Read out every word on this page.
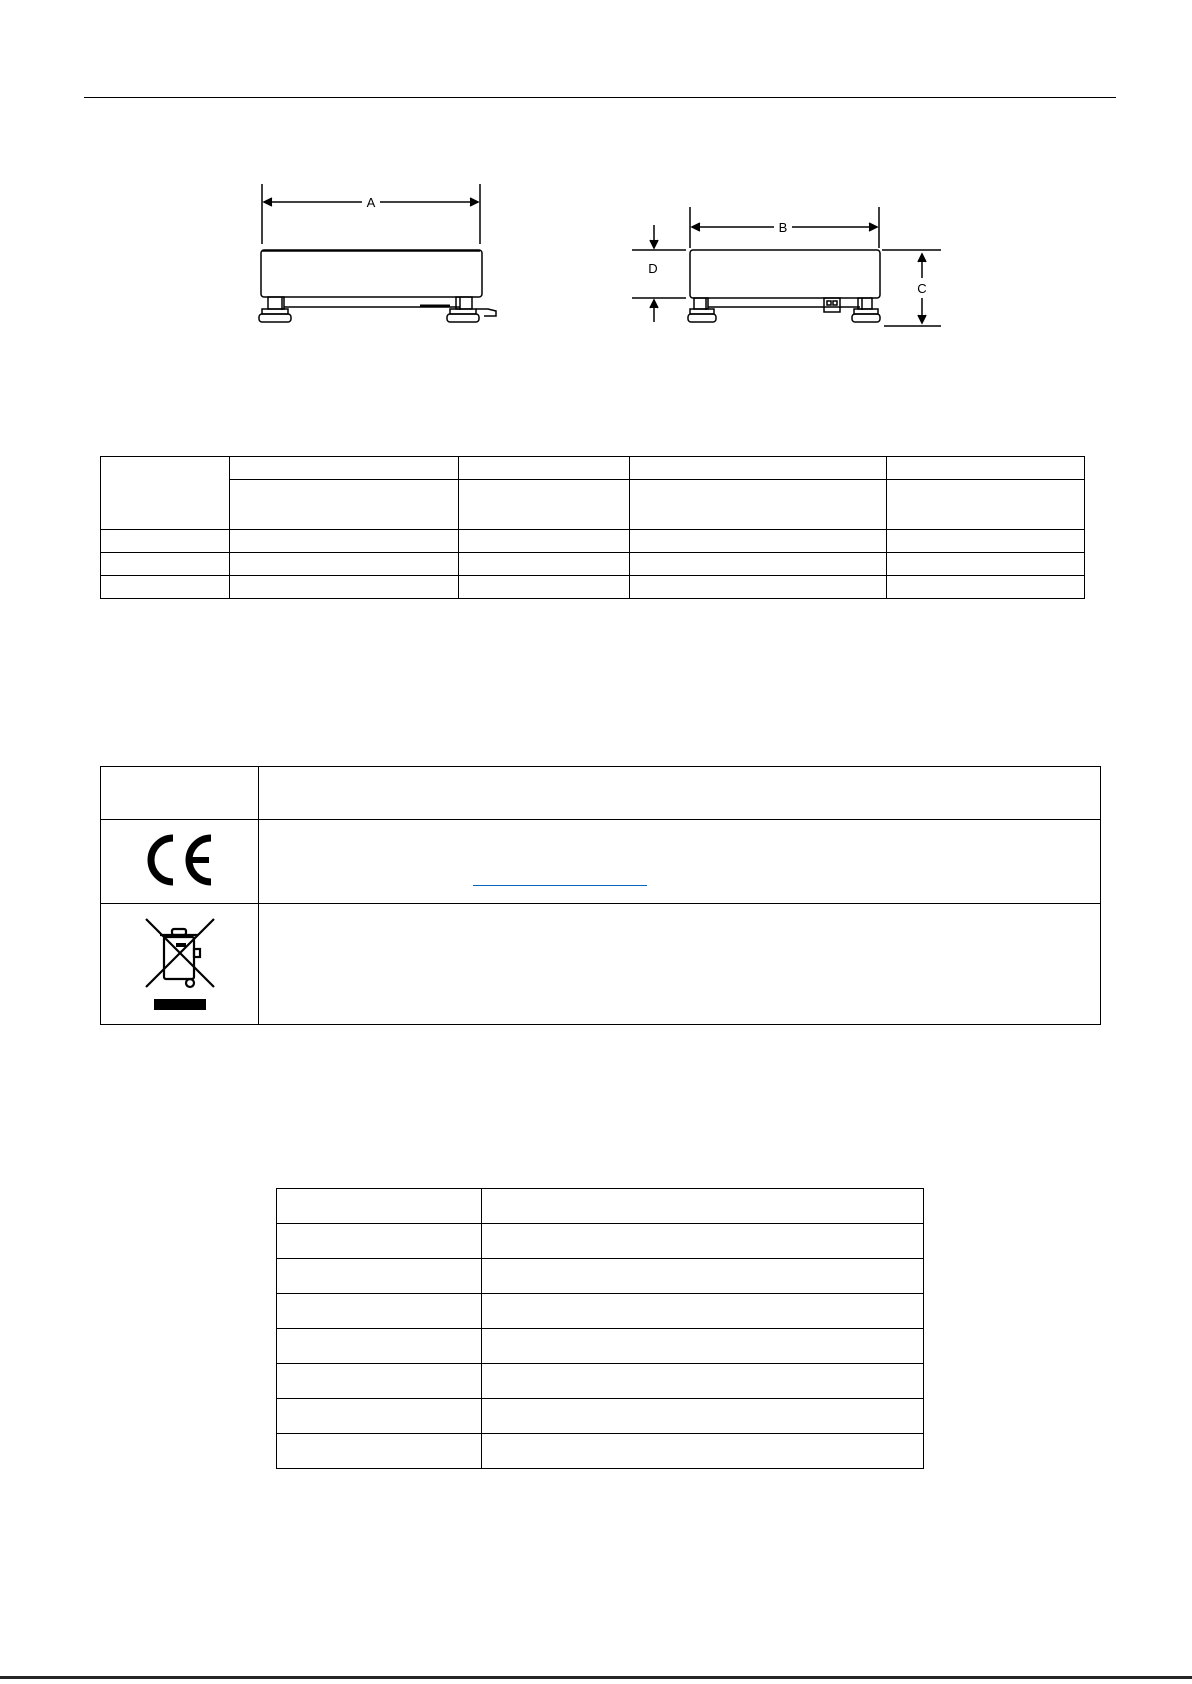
A
B
D
C
